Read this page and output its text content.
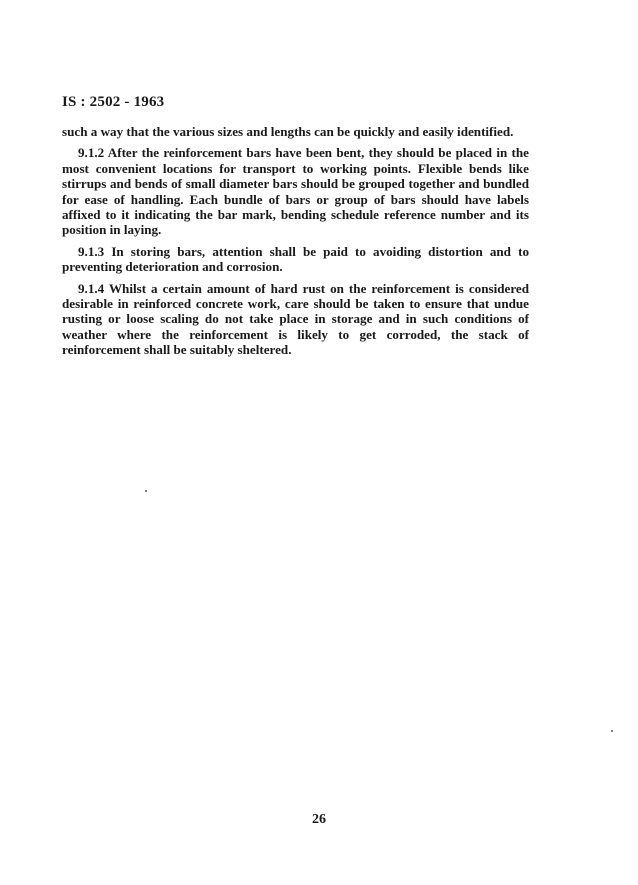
IS : 2502 - 1963

such a way that the various sizes and lengths can be quickly and easily identified.

9.1.2 After the reinforcement bars have been bent, they should be placed in the most convenient locations for transport to working points. Flexible bends like stirrups and bends of small diameter bars should be grouped together and bundled for ease of handling. Each bundle of bars or group of bars should have labels affixed to it indicating the bar mark, bending schedule reference number and its position in laying.

9.1.3 In storing bars, attention shall be paid to avoiding distortion and to preventing deterioration and corrosion.

9.1.4 Whilst a certain amount of hard rust on the reinforcement is considered desirable in reinforced concrete work, care should be taken to ensure that undue rusting or loose scaling do not take place in storage and in such conditions of weather where the reinforcement is likely to get corroded, the stack of reinforcement shall be suitably sheltered.

26
